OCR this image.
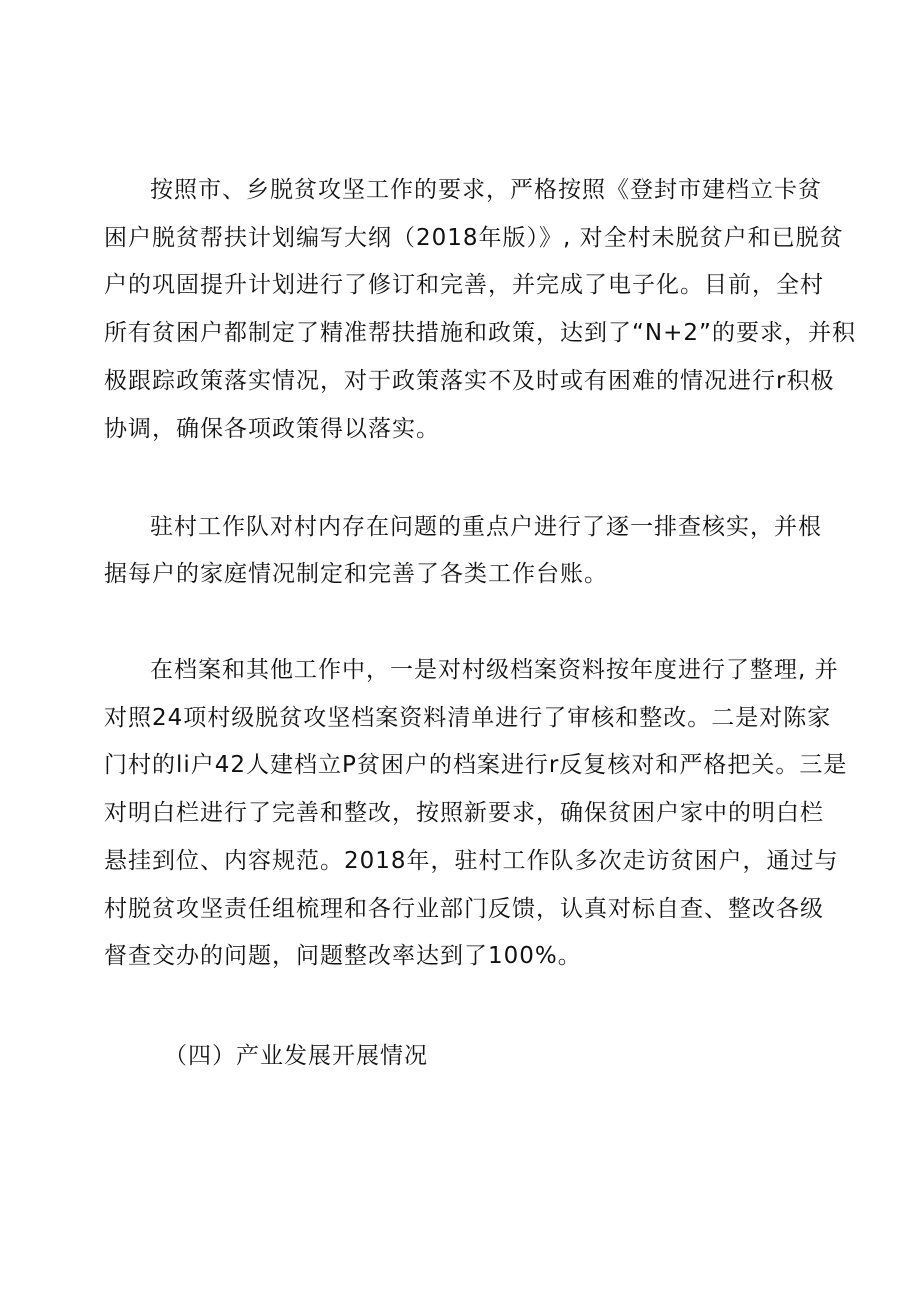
按照市、乡脱贫攻坚工作的要求，严格按照《登封市建档立卡贫
困户脱贫帮扶计划编写大纲（2018年版）》, 对全村未脱贫户和已脱贫
户的巩固提升计划进行了修订和完善，并完成了电子化。目前，全村
所有贫困户都制定了精准帮扶措施和政策，达到了“N+2”的要求，并积
极跟踪政策落实情况，对于政策落实不及时或有困难的情况进行r积极
协调，确保各项政策得以落实。
驻村工作队对村内存在问题的重点户进行了逐一排查核实，并根
据每户的家庭情况制定和完善了各类工作台账。
在档案和其他工作中，一是对村级档案资料按年度进行了整理, 并
对照24项村级脱贫攻坚档案资料清单进行了审核和整改。二是对陈家
门村的li户42人建档立P贫困户的档案进行r反复核对和严格把关。三是
对明白栏进行了完善和整改，按照新要求，确保贫困户家中的明白栏
悬挂到位、内容规范。2018年，驻村工作队多次走访贫困户，通过与
村脱贫攻坚责任组梳理和各行业部门反馈，认真对标自查、整改各级
督查交办的问题，问题整改率达到了100%。
（四）产业发展开展情况
